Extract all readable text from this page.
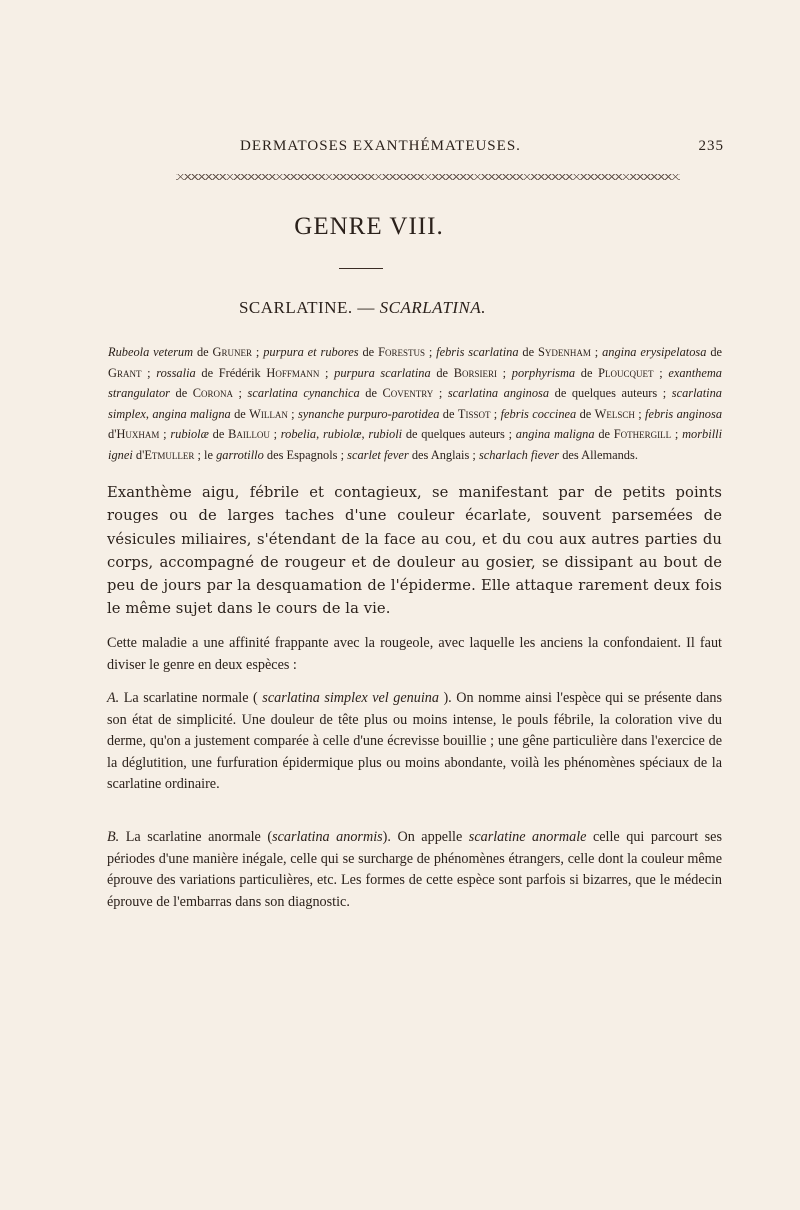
DERMATOSES EXANTHÉMATEUSES.	235
GENRE VIII.
SCARLATINE. — SCARLATINA.
Rubeola veterum de Gruner ; purpura et rubores de Forestus ; febris scarlatina de Sydenham ; angina erysipelatosa de Grant ; rossalia de Frédérik Hoffmann ; purpura scarlatina de Borsieri ; porphyrisma de Ploucquet ; exanthema strangulator de Corona ; scarlatina cynanchica de Coventry ; scarlatina anginosa de quelques auteurs ; scarlatina simplex, angina maligna de Willan ; synanche purpuro-parotidea de Tissot ; febris coccinea de Welsch ; febris anginosa d'Huxham ; rubiolæ de Baillou ; robelia, rubiolæ, rubioli de quelques auteurs ; angina maligna de Fothergill ; morbilli ignei d'Etmuller ; le garrotillo des Espagnols ; scarlet fever des Anglais ; scharlach fiever des Allemands.
Exanthème aigu, fébrile et contagieux, se manifestant par de petits points rouges ou de larges taches d'une couleur écarlate, souvent parsemées de vésicules miliaires, s'étendant de la face au cou, et du cou aux autres parties du corps, accompagné de rougeur et de douleur au gosier, se dissipant au bout de peu de jours par la desquamation de l'épiderme. Elle attaque rarement deux fois le même sujet dans le cours de la vie.
Cette maladie a une affinité frappante avec la rougeole, avec laquelle les anciens la confondaient. Il faut diviser le genre en deux espèces :
A. La scarlatine normale ( scarlatina simplex vel genuina ). On nomme ainsi l'espèce qui se présente dans son état de simplicité. Une douleur de tête plus ou moins intense, le pouls fébrile, la coloration vive du derme, qu'on a justement comparée à celle d'une écrevisse bouillie ; une gêne particulière dans l'exercice de la déglutition, une furfuration épidermique plus ou moins abondante, voilà les phénomènes spéciaux de la scarlatine ordinaire.
B. La scarlatine anormale (scarlatina anormis). On appelle scarlatine anormale celle qui parcourt ses périodes d'une manière inégale, celle qui se surcharge de phénomènes étrangers, celle dont la couleur même éprouve des variations particulières, etc. Les formes de cette espèce sont parfois si bizarres, que le médecin éprouve de l'embarras dans son diagnostic.
